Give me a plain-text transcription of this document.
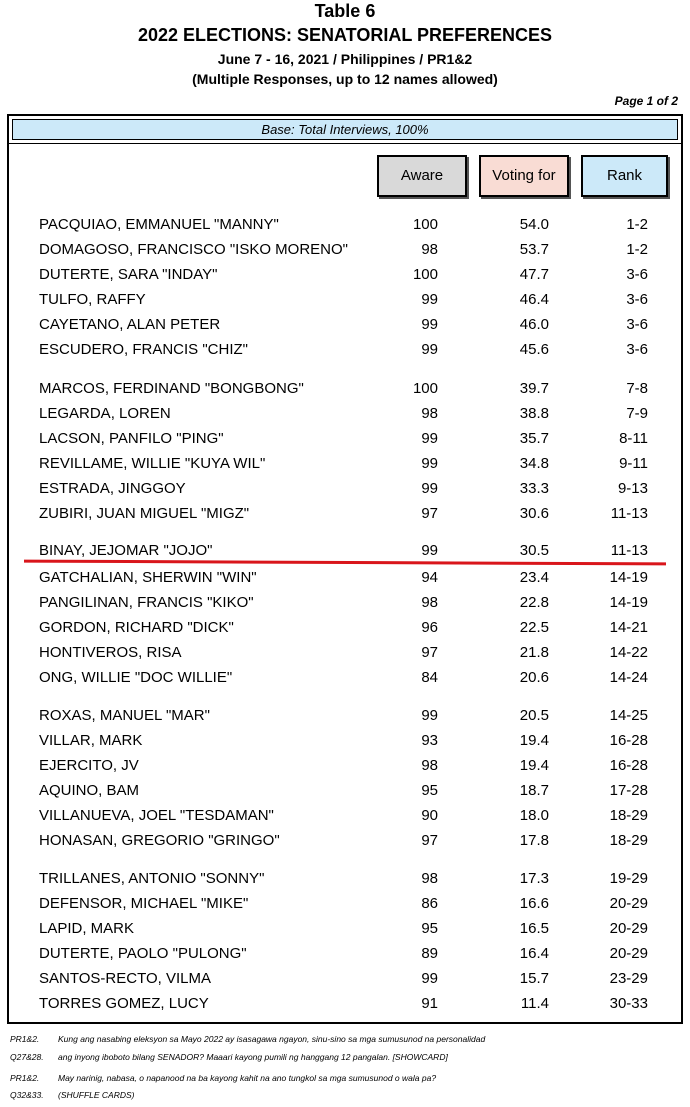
Table 6
2022 ELECTIONS: SENATORIAL PREFERENCES
June 7 - 16, 2021 / Philippines / PR1&2
(Multiple Responses, up to 12 names allowed)
Page 1 of 2
Base: Total Interviews, 100%
Aware	Voting for	Rank
PACQUIAO, EMMANUEL "MANNY"	100	54.0	1-2
DOMAGOSO, FRANCISCO "ISKO MORENO"	98	53.7	1-2
DUTERTE, SARA "INDAY"	100	47.7	3-6
TULFO, RAFFY	99	46.4	3-6
CAYETANO, ALAN PETER	99	46.0	3-6
ESCUDERO, FRANCIS "CHIZ"	99	45.6	3-6
MARCOS, FERDINAND "BONGBONG"	100	39.7	7-8
LEGARDA, LOREN	98	38.8	7-9
LACSON, PANFILO "PING"	99	35.7	8-11
REVILLAME, WILLIE "KUYA WIL"	99	34.8	9-11
ESTRADA, JINGGOY	99	33.3	9-13
ZUBIRI, JUAN MIGUEL "MIGZ"	97	30.6	11-13
BINAY, JEJOMAR "JOJO"	99	30.5	11-13
GATCHALIAN, SHERWIN "WIN"	94	23.4	14-19
PANGILINAN, FRANCIS "KIKO"	98	22.8	14-19
GORDON, RICHARD "DICK"	96	22.5	14-21
HONTIVEROS, RISA	97	21.8	14-22
ONG, WILLIE "DOC WILLIE"	84	20.6	14-24
ROXAS, MANUEL "MAR"	99	20.5	14-25
VILLAR, MARK	93	19.4	16-28
EJERCITO, JV	98	19.4	16-28
AQUINO, BAM	95	18.7	17-28
VILLANUEVA, JOEL "TESDAMAN"	90	18.0	18-29
HONASAN, GREGORIO "GRINGO"	97	17.8	18-29
TRILLANES, ANTONIO "SONNY"	98	17.3	19-29
DEFENSOR, MICHAEL "MIKE"	86	16.6	20-29
LAPID, MARK	95	16.5	20-29
DUTERTE, PAOLO "PULONG"	89	16.4	20-29
SANTOS-RECTO, VILMA	99	15.7	23-29
TORRES GOMEZ, LUCY	91	11.4	30-33
PR1&2. Kung ang nasabing eleksyon sa Mayo 2022 ay isasagawa ngayon, sinu-sino sa mga sumusunod na personalidad
Q27&28. ang inyong iboboto bilang SENADOR? Maaari kayong pumili ng hanggang 12 pangalan. [SHOWCARD]
PR1&2. May narinig, nabasa, o napanood na ba kayong kahit na ano tungkol sa mga sumusunod o wala pa?
Q32&33. (SHUFFLE CARDS)
